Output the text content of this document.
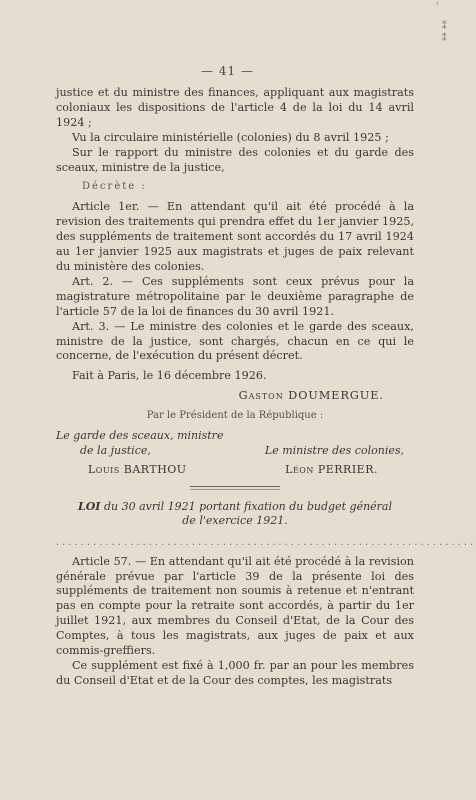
'
⁑
⁑
— 41 —

justice et du ministre des finances, appliquant aux magistrats coloniaux les dispositions de l'article 4 de la loi du 14 avril 1924 ;

Vu la circulaire ministérielle (colonies) du 8 avril 1925 ;

Sur le rapport du ministre des colonies et du garde des sceaux, ministre de la justice,

Décrète :

Article 1er. — En attendant qu'il ait été procédé à la revision des traitements qui prendra effet du 1er janvier 1925, des suppléments de traitement sont accordés du 17 avril 1924 au 1er janvier 1925 aux magistrats et juges de paix relevant du ministère des colonies.

Art. 2. — Ces suppléments sont ceux prévus pour la magistrature métropolitaine par le deuxième paragraphe de l'article 57 de la loi de finances du 30 avril 1921.

Art. 3. — Le ministre des colonies et le garde des sceaux, ministre de la justice, sont chargés, chacun en ce qui le concerne, de l'exécution du présent décret.

Fait à Paris, le 16 décembre 1926.

Gaston DOUMERGUE.

Par le Président de la République :

Le garde des sceaux, ministre
de la justice,	Le ministre des colonies,
Louis BARTHOU	Léon PERRIER.

LOI du 30 avril 1921 portant fixation du budget général

de l'exercice 1921.

....................................................................

Article 57. — En attendant qu'il ait été procédé à la revision générale prévue par l'article 39 de la présente loi des suppléments de traitement non soumis à retenue et n'entrant pas en compte pour la retraite sont accordés, à partir du 1er juillet 1921, aux membres du Conseil d'Etat, de la Cour des Comptes, à tous les magistrats, aux juges de paix et aux commis-greffiers.

Ce supplément est fixé à 1,000 fr. par an pour les membres du Conseil d'Etat et de la Cour des comptes, les magistrats
